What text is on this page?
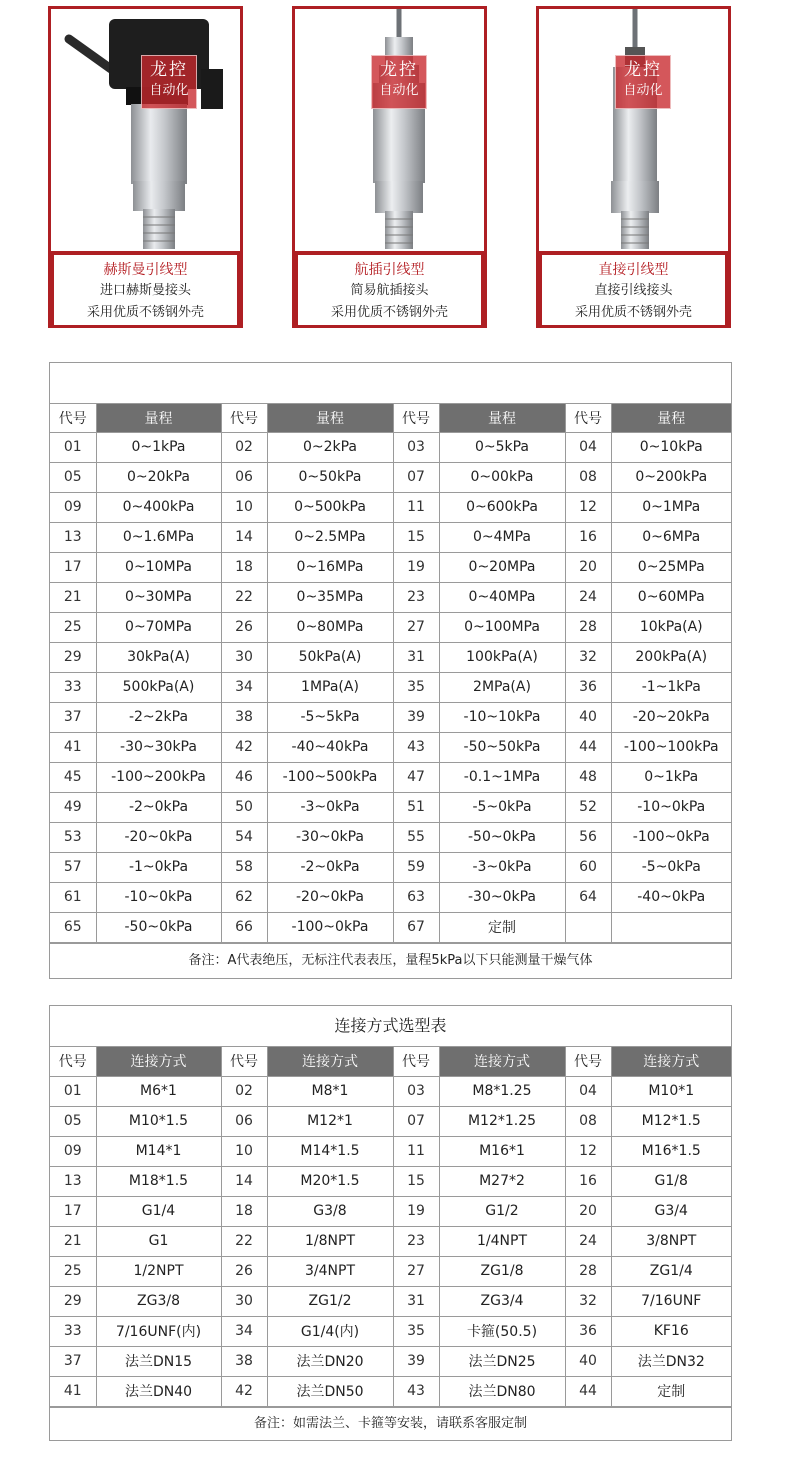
龙控
自动化
赫斯曼引线型
进口赫斯曼接头
采用优质不锈钢外壳
龙控
自动化
航插引线型
简易航插接头
采用优质不锈钢外壳
龙控
自动化
直接引线型
直接引线接头
采用优质不锈钢外壳
代号	量程	代号	量程	代号	量程	代号	量程
01	0~1kPa	02	0~2kPa	03	0~5kPa	04	0~10kPa
05	0~20kPa	06	0~50kPa	07	0~00kPa	08	0~200kPa
09	0~400kPa	10	0~500kPa	11	0~600kPa	12	0~1MPa
13	0~1.6MPa	14	0~2.5MPa	15	0~4MPa	16	0~6MPa
17	0~10MPa	18	0~16MPa	19	0~20MPa	20	0~25MPa
21	0~30MPa	22	0~35MPa	23	0~40MPa	24	0~60MPa
25	0~70MPa	26	0~80MPa	27	0~100MPa	28	10kPa(A)
29	30kPa(A)	30	50kPa(A)	31	100kPa(A)	32	200kPa(A)
33	500kPa(A)	34	1MPa(A)	35	2MPa(A)	36	-1~1kPa
37	-2~2kPa	38	-5~5kPa	39	-10~10kPa	40	-20~20kPa
41	-30~30kPa	42	-40~40kPa	43	-50~50kPa	44	-100~100kPa
45	-100~200kPa	46	-100~500kPa	47	-0.1~1MPa	48	0~1kPa
49	-2~0kPa	50	-3~0kPa	51	-5~0kPa	52	-10~0kPa
53	-20~0kPa	54	-30~0kPa	55	-50~0kPa	56	-100~0kPa
57	-1~0kPa	58	-2~0kPa	59	-3~0kPa	60	-5~0kPa
61	-10~0kPa	62	-20~0kPa	63	-30~0kPa	64	-40~0kPa
65	-50~0kPa	66	-100~0kPa	67	定制		
备注：A代表绝压，无标注代表表压，量程5kPa以下只能测量干燥气体
连接方式选型表
代号	连接方式	代号	连接方式	代号	连接方式	代号	连接方式
01	M6*1	02	M8*1	03	M8*1.25	04	M10*1
05	M10*1.5	06	M12*1	07	M12*1.25	08	M12*1.5
09	M14*1	10	M14*1.5	11	M16*1	12	M16*1.5
13	M18*1.5	14	M20*1.5	15	M27*2	16	G1/8
17	G1/4	18	G3/8	19	G1/2	20	G3/4
21	G1	22	1/8NPT	23	1/4NPT	24	3/8NPT
25	1/2NPT	26	3/4NPT	27	ZG1/8	28	ZG1/4
29	ZG3/8	30	ZG1/2	31	ZG3/4	32	7/16UNF
33	7/16UNF(内)	34	G1/4(内)	35	卡箍(50.5)	36	KF16
37	法兰DN15	38	法兰DN20	39	法兰DN25	40	法兰DN32
41	法兰DN40	42	法兰DN50	43	法兰DN80	44	定制
备注：如需法兰、卡箍等安装，请联系客服定制
